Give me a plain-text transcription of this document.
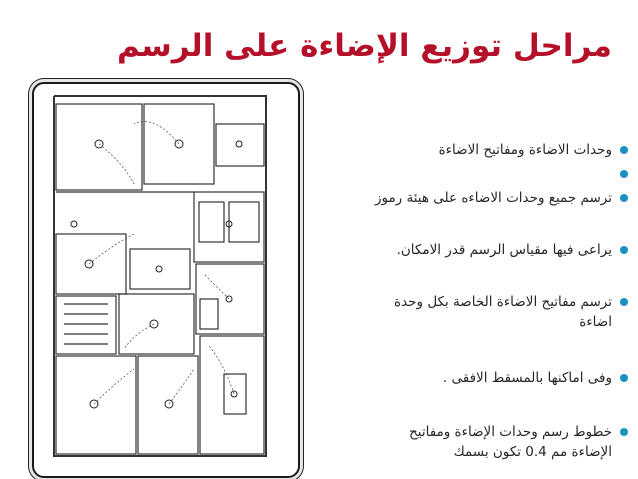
مراحل توزيع الإضاءة على الرسم
وحدات الاضاءة ومفاتيح الاضاءة
ترسم جميع وحدات الاضاءه على هيئة رموز
يراعى فيها مقياس الرسم قدر الامكان.
ترسم مفاتيح الاضاءة الخاصة بكل وحدة
اضاءة
وفى اماكنها بالمسقط الافقى .
خطوط رسم وحدات الإضاءة ومفاتيح
الإضاءة مم 0.4 تكون بسمك
